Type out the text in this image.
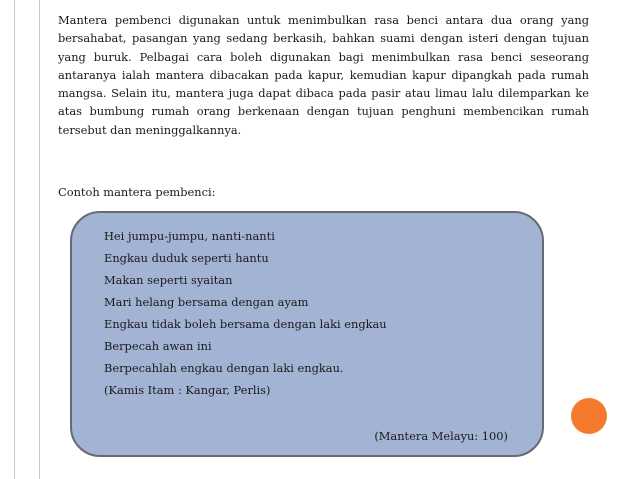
Mantera pembenci digunakan untuk menimbulkan rasa benci antara dua orang yang bersahabat, pasangan yang sedang berkasih, bahkan suami dengan isteri dengan tujuan yang buruk. Pelbagai cara boleh digunakan bagi menimbulkan rasa benci seseorang antaranya ialah mantera dibacakan pada kapur, kemudian kapur dipangkah pada rumah mangsa. Selain itu, mantera juga dapat dibaca pada pasir atau limau lalu dilemparkan ke atas bumbung rumah orang berkenaan dengan tujuan penghuni membencikan rumah tersebut dan meninggalkannya.

Contoh mantera pembenci:

Hei jumpu-jumpu, nanti-nanti
Engkau duduk seperti hantu
Makan seperti syaitan
Mari helang bersama dengan ayam
Engkau tidak boleh bersama dengan laki engkau
Berpecah awan ini
Berpecahlah engkau dengan laki engkau.
(Kamis Itam : Kangar, Perlis)
(Mantera Melayu: 100)
